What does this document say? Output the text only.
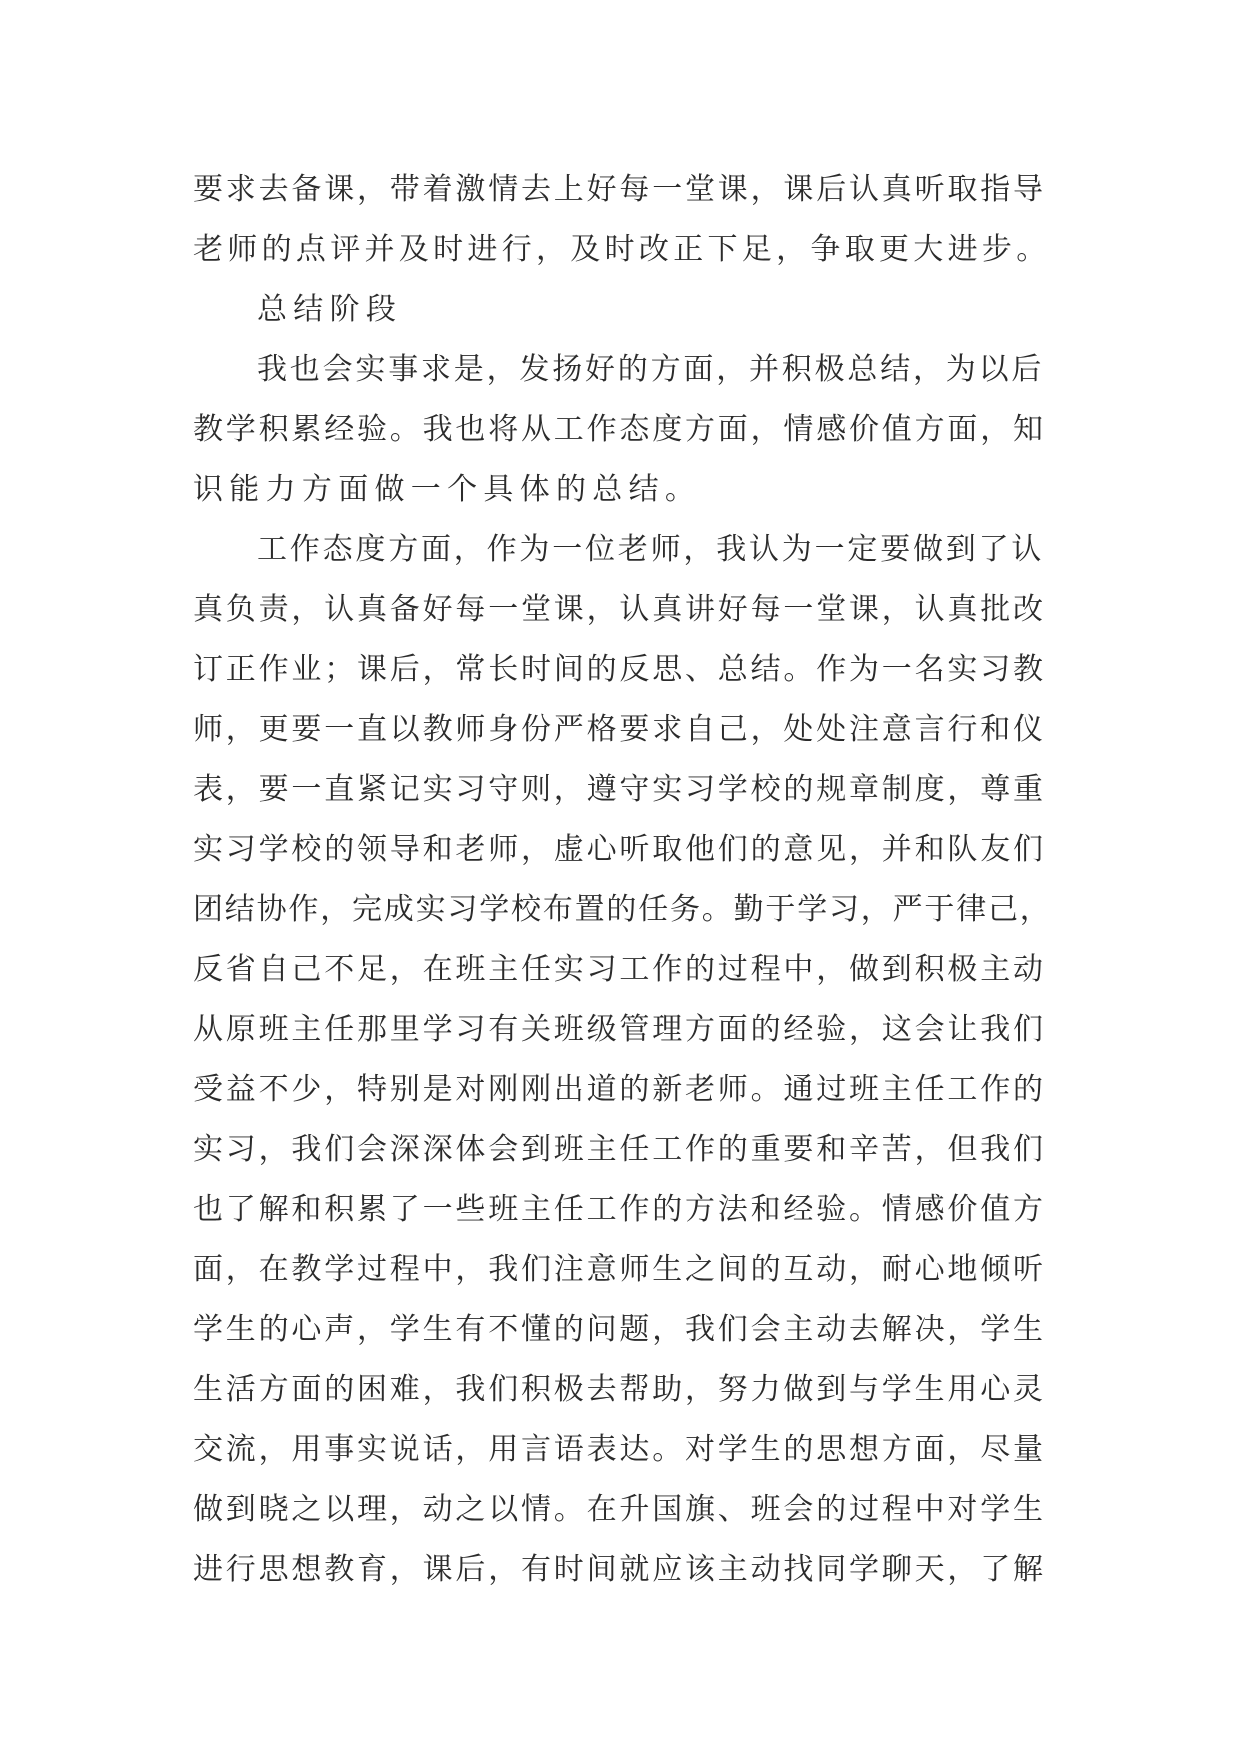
要求去备课，带着激情去上好每一堂课，课后认真听取指导

老师的点评并及时进行，及时改正下足，争取更大进步。

总结阶段

我也会实事求是，发扬好的方面，并积极总结，为以后

教学积累经验。我也将从工作态度方面，情感价值方面，知

识能力方面做一个具体的总结。

工作态度方面，作为一位老师，我认为一定要做到了认

真负责，认真备好每一堂课，认真讲好每一堂课，认真批改

订正作业；课后，常长时间的反思、总结。作为一名实习教

师，更要一直以教师身份严格要求自己，处处注意言行和仪

表，要一直紧记实习守则，遵守实习学校的规章制度，尊重

实习学校的领导和老师，虚心听取他们的意见，并和队友们

团结协作，完成实习学校布置的任务。勤于学习，严于律己，

反省自己不足，在班主任实习工作的过程中，做到积极主动

从原班主任那里学习有关班级管理方面的经验，这会让我们

受益不少，特别是对刚刚出道的新老师。通过班主任工作的

实习，我们会深深体会到班主任工作的重要和辛苦，但我们

也了解和积累了一些班主任工作的方法和经验。情感价值方

面，在教学过程中，我们注意师生之间的互动，耐心地倾听

学生的心声，学生有不懂的问题，我们会主动去解决，学生

生活方面的困难，我们积极去帮助，努力做到与学生用心灵

交流，用事实说话，用言语表达。对学生的思想方面，尽量

做到晓之以理，动之以情。在升国旗、班会的过程中对学生

进行思想教育，课后，有时间就应该主动找同学聊天，了解
